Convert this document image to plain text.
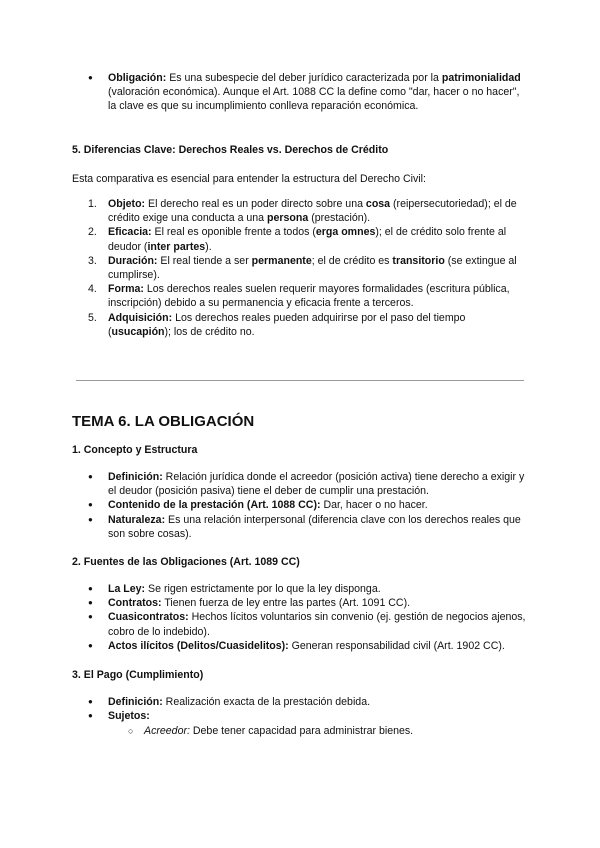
● Obligación: Es una subespecie del deber jurídico caracterizada por la patrimonialidad (valoración económica). Aunque el Art. 1088 CC la define como "dar, hacer o no hacer", la clave es que su incumplimiento conlleva reparación económica.
5. Diferencias Clave: Derechos Reales vs. Derechos de Crédito
Esta comparativa es esencial para entender la estructura del Derecho Civil:
1. Objeto: El derecho real es un poder directo sobre una cosa (reipersecutoriedad); el de crédito exige una conducta a una persona (prestación).
2. Eficacia: El real es oponible frente a todos (erga omnes); el de crédito solo frente al deudor (inter partes).
3. Duración: El real tiende a ser permanente; el de crédito es transitorio (se extingue al cumplirse).
4. Forma: Los derechos reales suelen requerir mayores formalidades (escritura pública, inscripción) debido a su permanencia y eficacia frente a terceros.
5. Adquisición: Los derechos reales pueden adquirirse por el paso del tiempo (usucapión); los de crédito no.
TEMA 6. LA OBLIGACIÓN
1. Concepto y Estructura
● Definición: Relación jurídica donde el acreedor (posición activa) tiene derecho a exigir y el deudor (posición pasiva) tiene el deber de cumplir una prestación.
● Contenido de la prestación (Art. 1088 CC): Dar, hacer o no hacer.
● Naturaleza: Es una relación interpersonal (diferencia clave con los derechos reales que son sobre cosas).
2. Fuentes de las Obligaciones (Art. 1089 CC)
● La Ley: Se rigen estrictamente por lo que la ley disponga.
● Contratos: Tienen fuerza de ley entre las partes (Art. 1091 CC).
● Cuasicontratos: Hechos lícitos voluntarios sin convenio (ej. gestión de negocios ajenos, cobro de lo indebido).
● Actos ilícitos (Delitos/Cuasidelitos): Generan responsabilidad civil (Art. 1902 CC).
3. El Pago (Cumplimiento)
● Definición: Realización exacta de la prestación debida.
● Sujetos:
○ Acreedor: Debe tener capacidad para administrar bienes.
